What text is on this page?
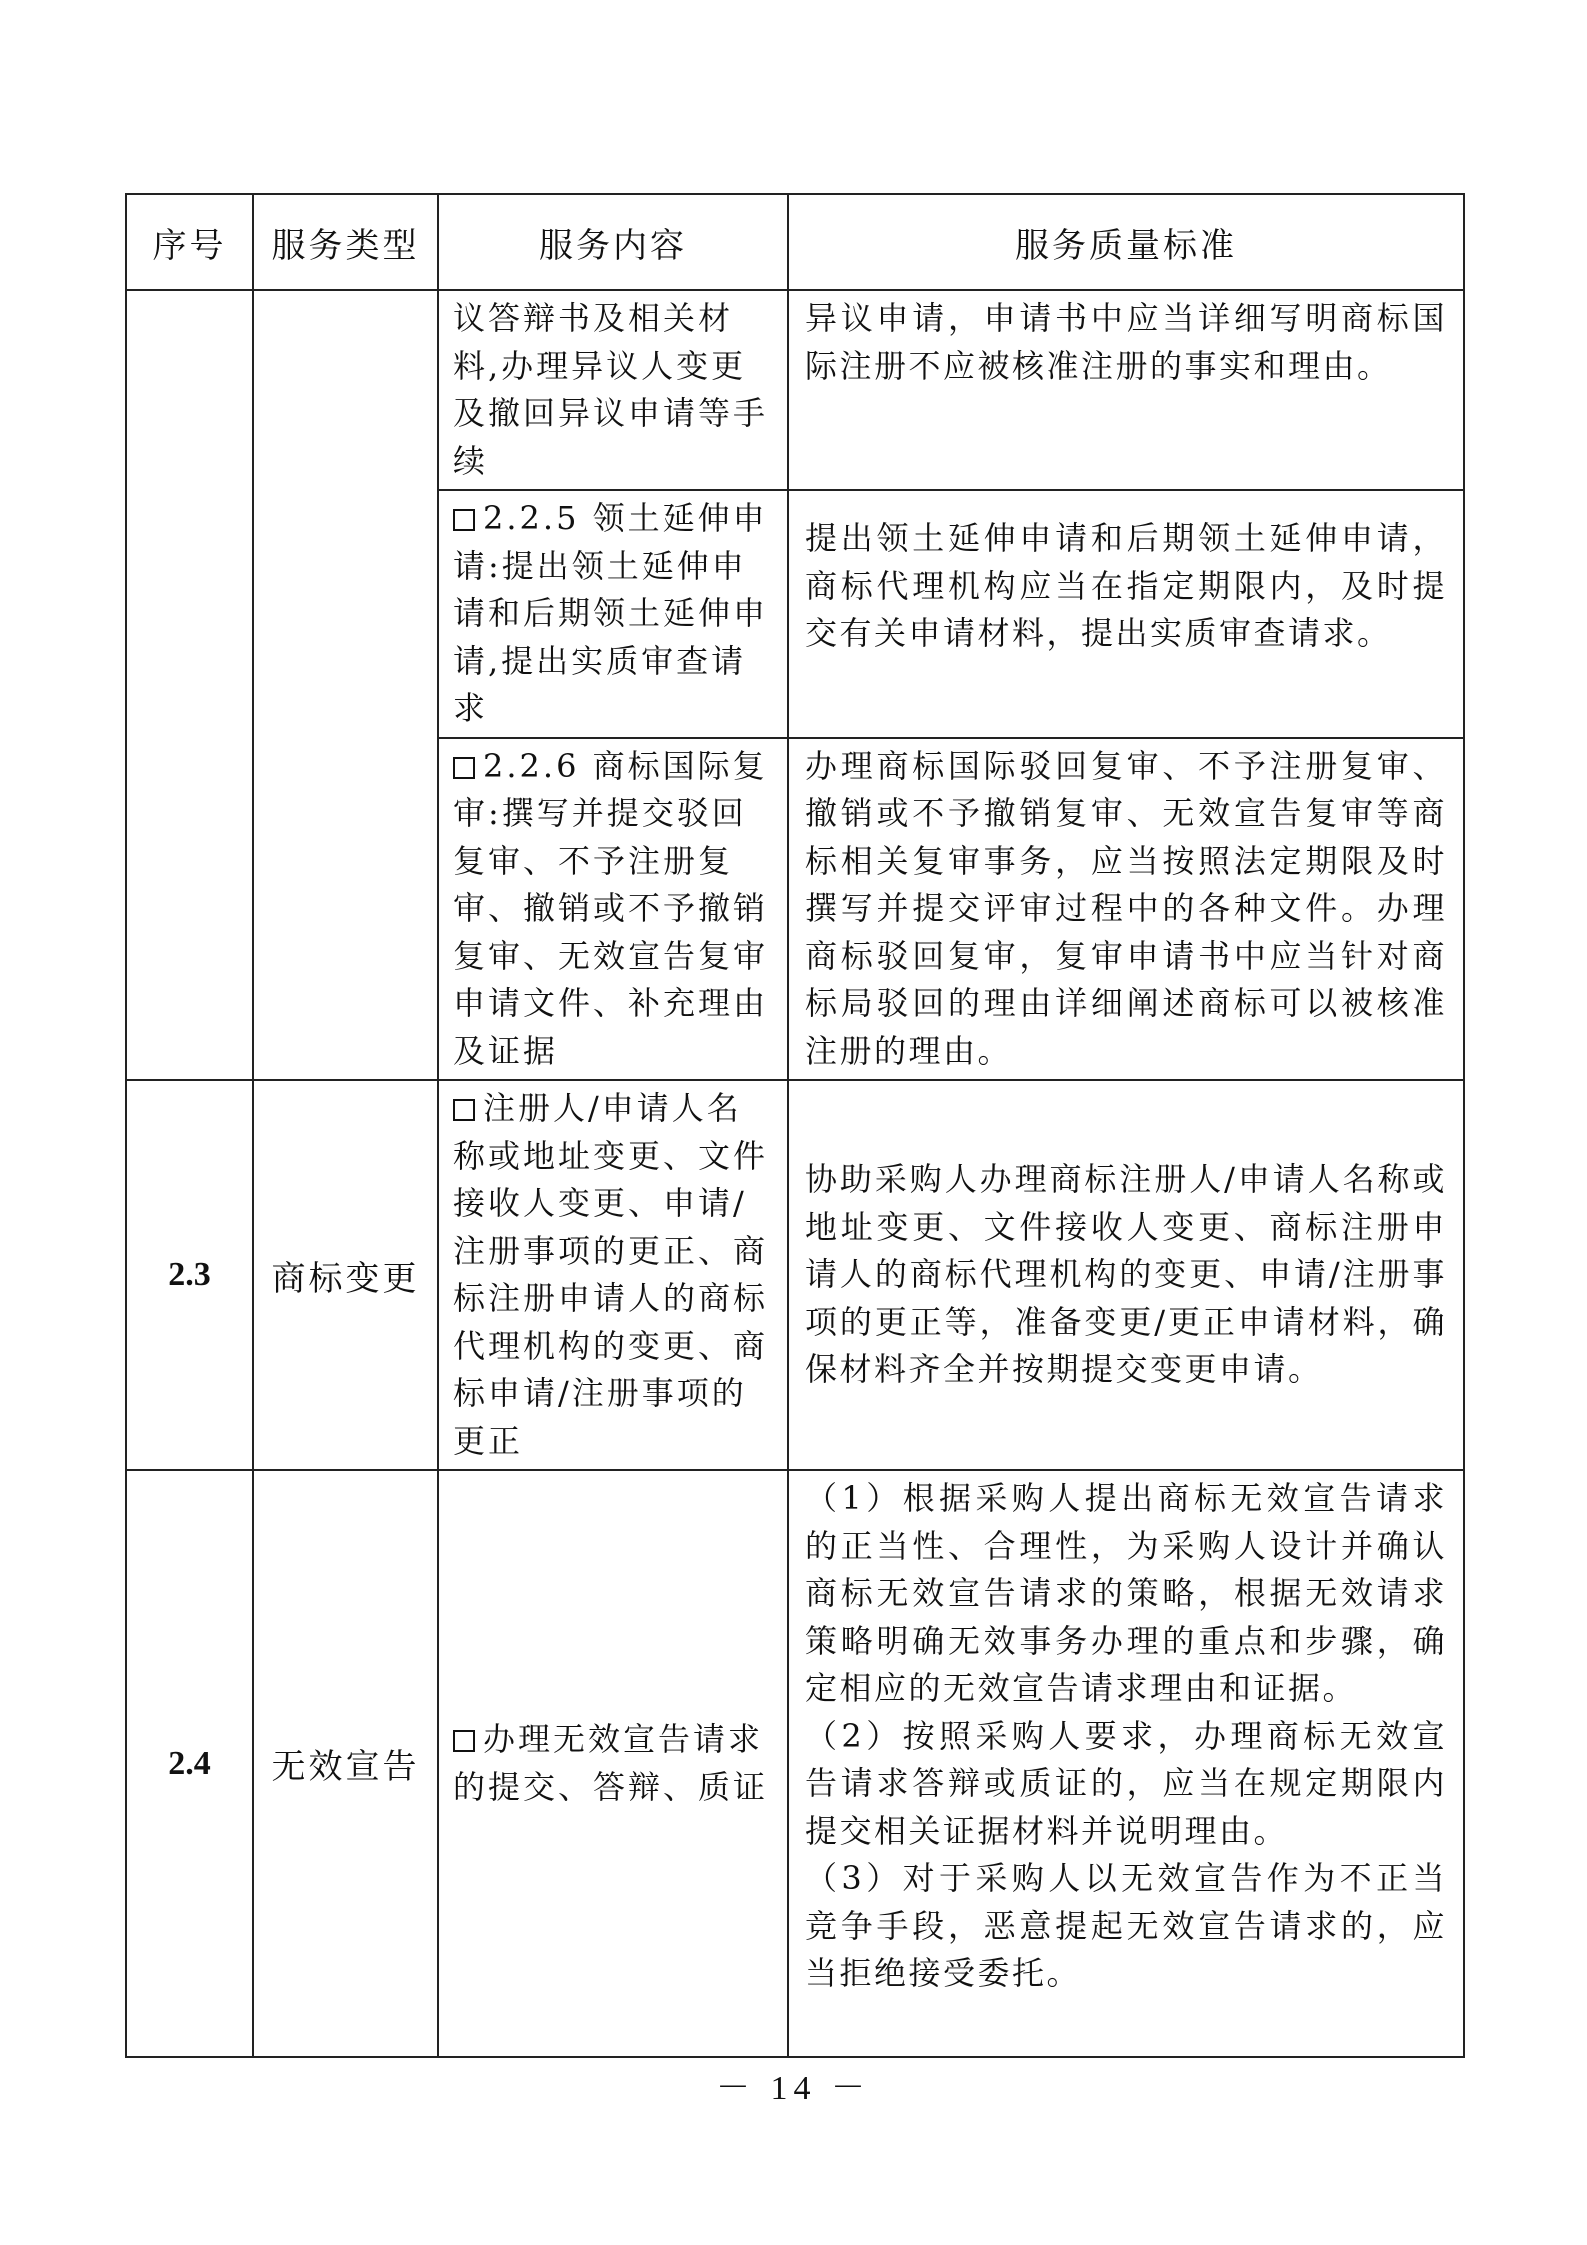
序号	服务类型	服务内容	服务质量标准

		议答辩书及相关材料,办理异议人变更及撤回异议申请等手续	异议申请，申请书中应当详细写明商标国际注册不应被核准注册的事实和理由。

		2.2.5 领土延伸申请:提出领土延伸申请和后期领土延伸申请,提出实质审查请求	提出领土延伸申请和后期领土延伸申请，商标代理机构应当在指定期限内，及时提交有关申请材料，提出实质审查请求。

		2.2.6 商标国际复审:撰写并提交驳回复审、不予注册复审、撤销或不予撤销复审、无效宣告复审申请文件、补充理由及证据	办理商标国际驳回复审、不予注册复审、撤销或不予撤销复审、无效宣告复审等商标相关复审事务，应当按照法定期限及时撰写并提交评审过程中的各种文件。办理商标驳回复审，复审申请书中应当针对商标局驳回的理由详细阐述商标可以被核准注册的理由。

2.3	商标变更	注册人/申请人名称或地址变更、文件接收人变更、申请/注册事项的更正、商标注册申请人的商标代理机构的变更、商标申请/注册事项的更正	协助采购人办理商标注册人/申请人名称或地址变更、文件接收人变更、商标注册申请人的商标代理机构的变更、申请/注册事项的更正等，准备变更/更正申请材料，确保材料齐全并按期提交变更申请。

2.4	无效宣告	办理无效宣告请求的提交、答辩、质证	（1）根据采购人提出商标无效宣告请求的正当性、合理性，为采购人设计并确认商标无效宣告请求的策略，根据无效请求策略明确无效事务办理的重点和步骤，确定相应的无效宣告请求理由和证据。
（2）按照采购人要求，办理商标无效宣告请求答辩或质证的，应当在规定期限内提交相关证据材料并说明理由。
（3）对于采购人以无效宣告作为不正当竞争手段，恶意提起无效宣告请求的，应当拒绝接受委托。
－ 14 －
